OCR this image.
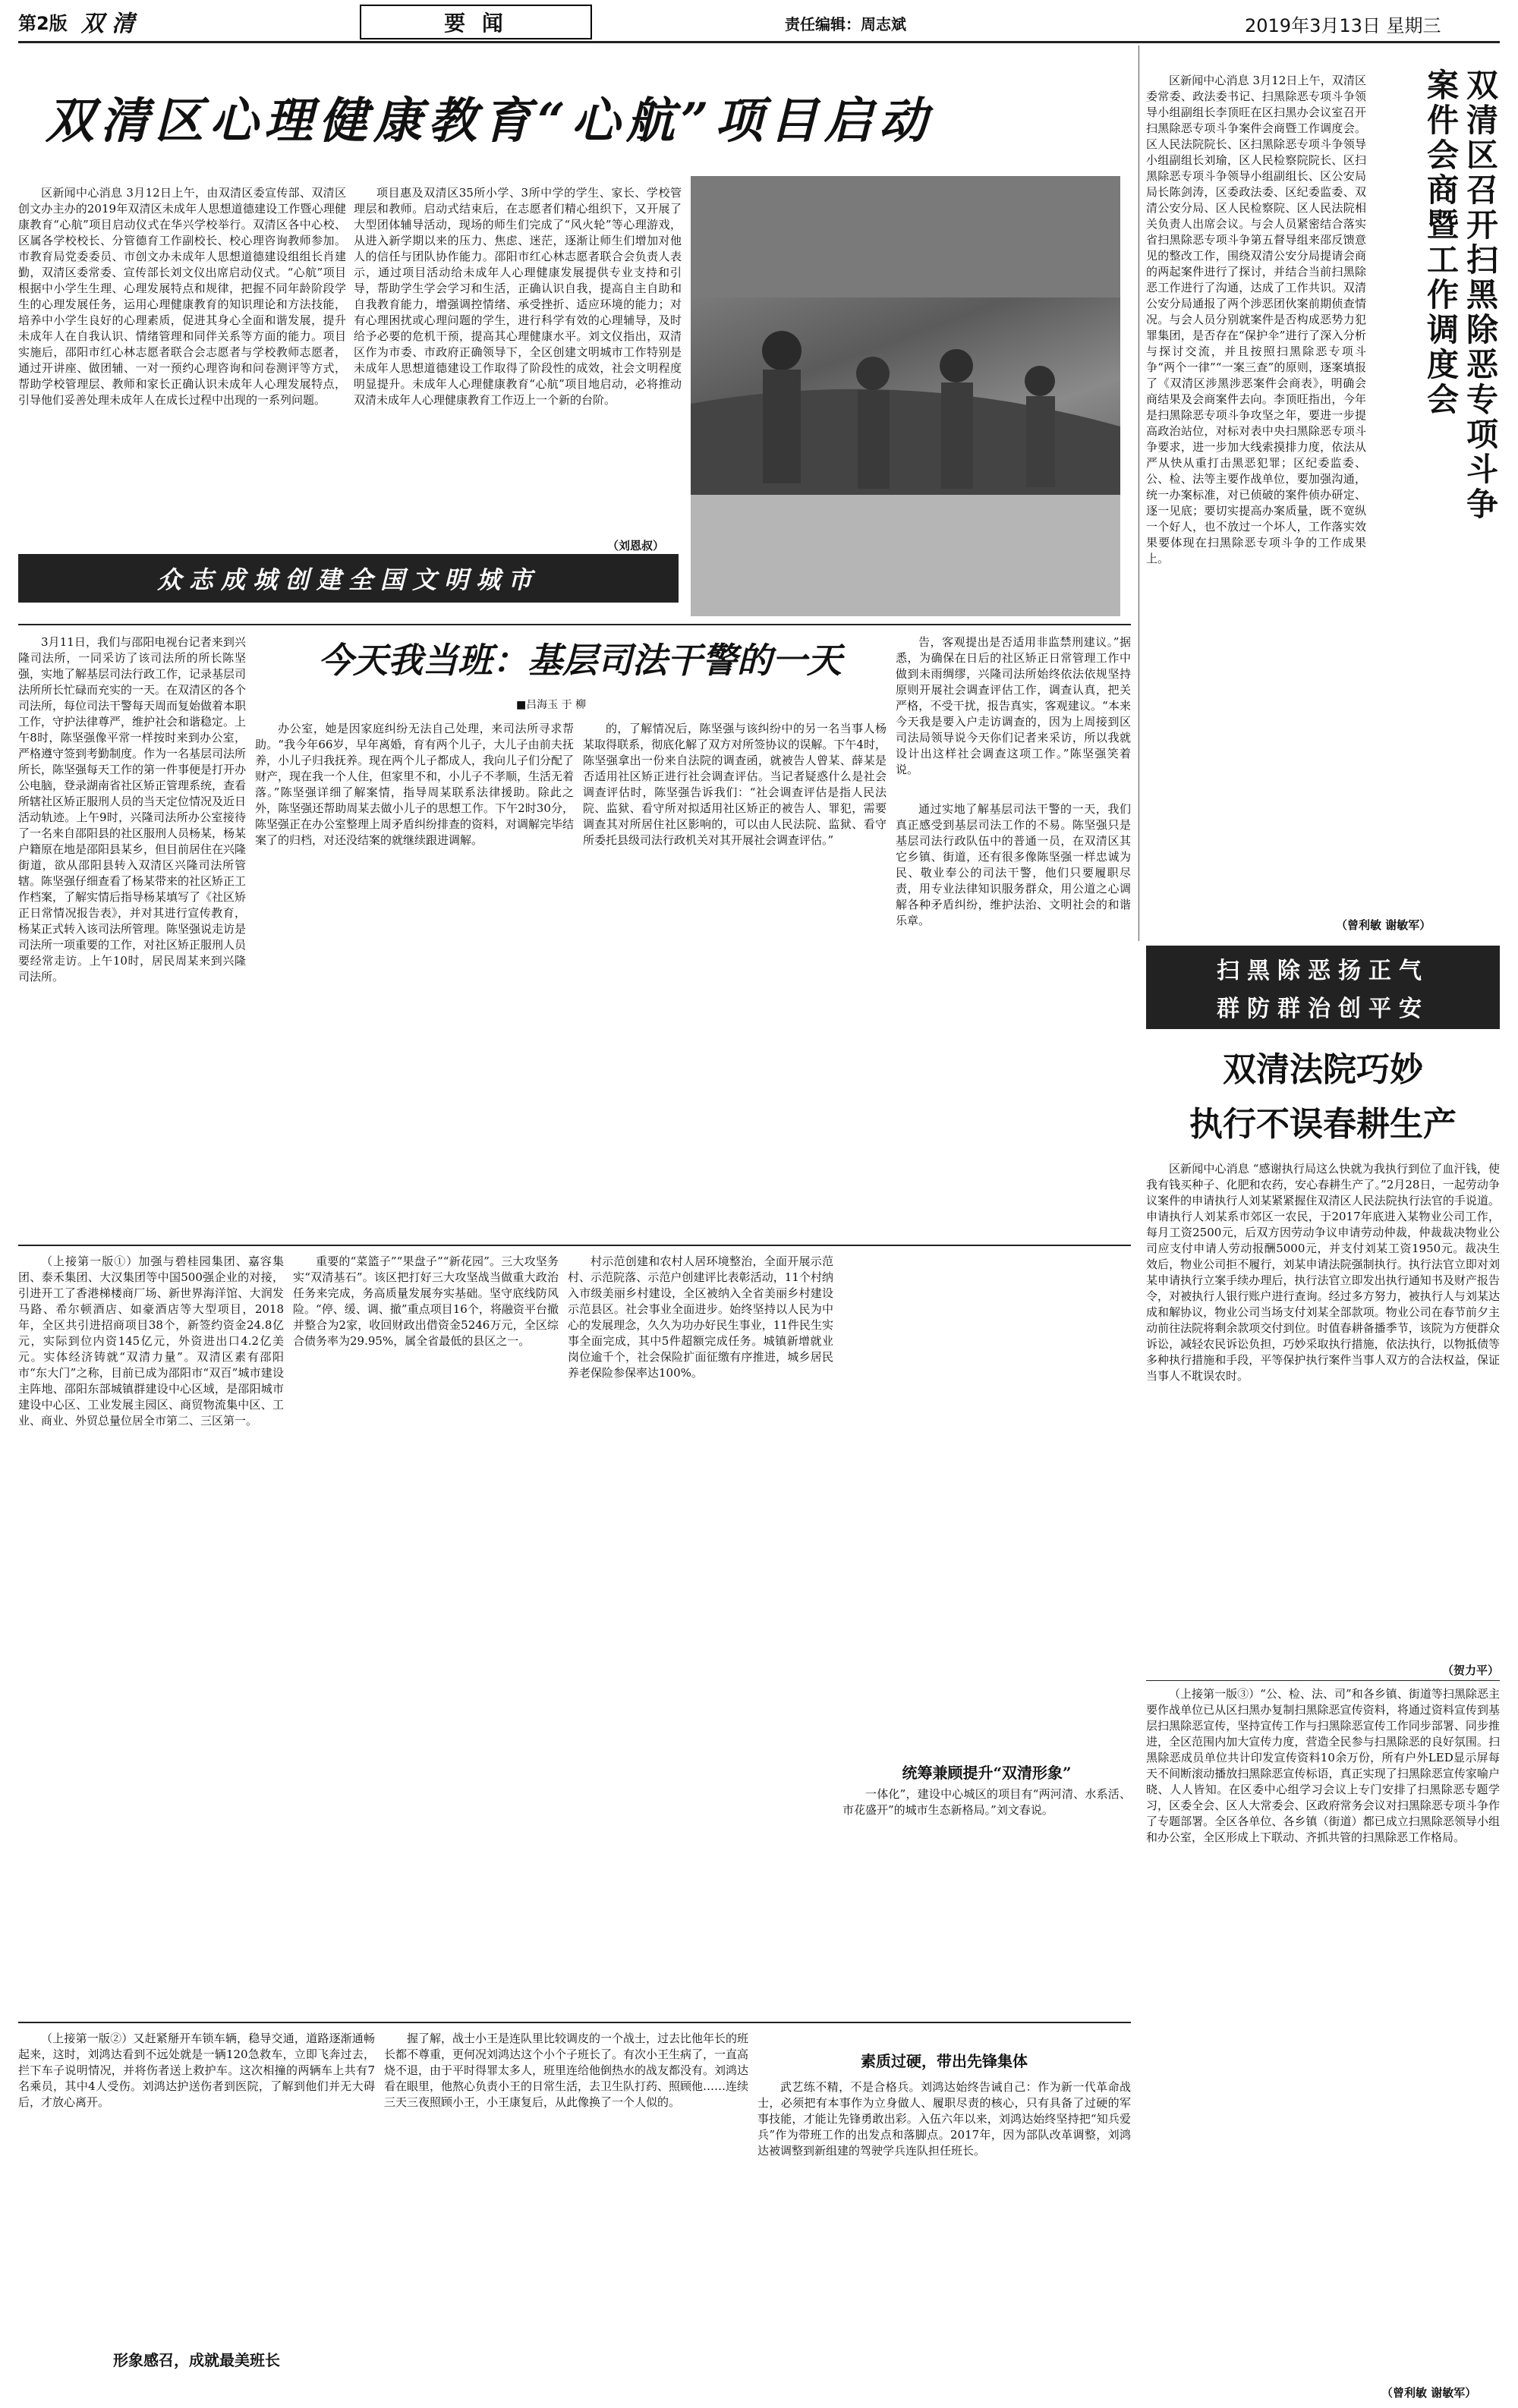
第2版 双 清	要 闻	责任编辑：周志斌	2019年3月13日 星期三
双清区心理健康教育“心航”项目启动

区新闻中心消息 3月12日上午，由双清区委宣传部、双清区创文办主办的2019年双清区未成年人思想道德建设工作暨心理健康教育“心航”项目启动仪式在华兴学校举行。双清区各中心校、区属各学校校长、分管德育工作副校长、校心理咨询教师参加。市教育局党委委员、市创文办未成年人思想道德建设组组长肖建勤，双清区委常委、宣传部长刘文仪出席启动仪式。“心航”项目根据中小学生生理、心理发展特点和规律，把握不同年龄阶段学生的心理发展任务，运用心理健康教育的知识理论和方法技能，培养中小学生良好的心理素质，促进其身心全面和谐发展，提升未成年人在自我认识、情绪管理和同伴关系等方面的能力。项目实施后，邵阳市红心林志愿者联合会志愿者与学校教师志愿者，通过开讲座、做团辅、一对一预约心理咨询和问卷测评等方式，帮助学校管理层、教师和家长正确认识未成年人心理发展特点，引导他们妥善处理未成年人在成长过程中出现的一系列问题。

项目惠及双清区35所小学、3所中学的学生、家长、学校管理层和教师。启动式结束后，在志愿者们精心组织下，又开展了大型团体辅导活动，现场的师生们完成了“风火轮”等心理游戏，从进入新学期以来的压力、焦虑、迷茫，逐渐让师生们增加对他人的信任与团队协作能力。邵阳市红心林志愿者联合会负责人表示，通过项目活动给未成年人心理健康发展提供专业支持和引导，帮助学生学会学习和生活，正确认识自我，提高自主自助和自我教育能力，增强调控情绪、承受挫折、适应环境的能力；对有心理困扰或心理问题的学生，进行科学有效的心理辅导，及时给予必要的危机干预，提高其心理健康水平。刘文仪指出，双清区作为市委、市政府正确领导下，全区创建文明城市工作特别是未成年人思想道德建设工作取得了阶段性的成效，社会文明程度明显提升。未成年人心理健康教育“心航”项目地启动，必将推动双清未成年人心理健康教育工作迈上一个新的台阶。

（刘恩叔）
众志成城创建全国文明城市

区新闻中心消息 3月12日上午，双清区委常委、政法委书记、扫黑除恶专项斗争领导小组副组长李顶旺在区扫黑办会议室召开扫黑除恶专项斗争案件会商暨工作调度会。区人民法院院长、区扫黑除恶专项斗争领导小组副组长刘瑜，区人民检察院院长、区扫黑除恶专项斗争领导小组副组长、区公安局局长陈剑涛，区委政法委、区纪委监委、双清公安分局、区人民检察院、区人民法院相关负责人出席会议。与会人员紧密结合落实省扫黑除恶专项斗争第五督导组来邵反馈意见的整改工作，围绕双清公安分局提请会商的两起案件进行了探讨，并结合当前扫黑除恶工作进行了沟通，达成了工作共识。双清公安分局通报了两个涉恶团伙案前期侦查情况。与会人员分别就案件是否构成恶势力犯罪集团，是否存在“保护伞”进行了深入分析与探讨交流，并且按照扫黑除恶专项斗争“两个一律”“一案三查”的原则，逐案填报了《双清区涉黑涉恶案件会商表》，明确会商结果及会商案件去向。李顶旺指出，今年是扫黑除恶专项斗争攻坚之年，要进一步提高政治站位，对标对表中央扫黑除恶专项斗争要求，进一步加大线索摸排力度，依法从严从快从重打击黑恶犯罪；区纪委监委、公、检、法等主要作战单位，要加强沟通，统一办案标准，对已侦破的案件侦办研定、逐一见底；要切实提高办案质量，既不宽纵一个好人，也不放过一个坏人，工作落实效果要体现在扫黑除恶专项斗争的工作成果上。

双清区召开扫黑除恶专项斗争案件会商暨工作调度会
（曾利敏 谢敏军）
扫黑除恶扬正气
群防群治创平安
今天我当班：基层司法干警的一天
■吕海玉 于 柳

3月11日，我们与邵阳电视台记者来到兴隆司法所，一同采访了该司法所的所长陈坚强，实地了解基层司法行政工作，记录基层司法所所长忙碌而充实的一天。在双清区的各个司法所，每位司法干警每天周而复始做着本职工作，守护法律尊严，维护社会和谐稳定。上午8时，陈坚强像平常一样按时来到办公室，严格遵守签到考勤制度。作为一名基层司法所所长，陈坚强每天工作的第一件事便是打开办公电脑，登录湖南省社区矫正管理系统，查看所辖社区矫正服刑人员的当天定位情况及近日活动轨迹。上午9时，兴隆司法所办公室接待了一名来自邵阳县的社区服刑人员杨某，杨某户籍原在地是邵阳县某乡，但目前居住在兴隆街道，欲从邵阳县转入双清区兴隆司法所管辖。陈坚强仔细查看了杨某带来的社区矫正工作档案，了解实情后指导杨某填写了《社区矫正日常情况报告表》，并对其进行宣传教育，杨某正式转入该司法所管理。陈坚强说走访是司法所一项重要的工作，对社区矫正服刑人员要经常走访。上午10时，居民周某来到兴隆司法所。

办公室，她是因家庭纠纷无法自己处理，来司法所寻求帮助。“我今年66岁，早年离婚，育有两个儿子，大儿子由前夫抚养，小儿子归我抚养。现在两个儿子都成人，我向儿子们分配了财产，现在我一个人住，但家里不和，小儿子不孝顺，生活无着落。”陈坚强详细了解案情，指导周某联系法律援助。除此之外，陈坚强还帮助周某去做小儿子的思想工作。下午2时30分，陈坚强正在办公室整理上周矛盾纠纷排查的资料，对调解完毕结案了的归档，对还没结案的就继续跟进调解。

的，了解情况后，陈坚强与该纠纷中的另一名当事人杨某取得联系，彻底化解了双方对所签协议的误解。下午4时，陈坚强拿出一份来自法院的调查函，就被告人曾某、薛某是否适用社区矫正进行社会调查评估。当记者疑惑什么是社会调查评估时，陈坚强告诉我们：“社会调查评估是指人民法院、监狱、看守所对拟适用社区矫正的被告人、罪犯，需要调查其对所居住社区影响的，可以由人民法院、监狱、看守所委托县级司法行政机关对其开展社会调查评估。”

告，客观提出是否适用非监禁刑建议。”据悉，为确保在日后的社区矫正日常管理工作中做到未雨绸缪，兴隆司法所始终依法依规坚持原则开展社会调查评估工作，调查认真，把关严格，不受干扰，报告真实，客观建议。“本来今天我是要入户走访调查的，因为上周接到区司法局领导说今天你们记者来采访，所以我就设计出这样社会调查这项工作。”陈坚强笑着说。

通过实地了解基层司法干警的一天，我们真正感受到基层司法工作的不易。陈坚强只是基层司法行政队伍中的普通一员，在双清区其它乡镇、街道，还有很多像陈坚强一样忠诚为民、敬业奉公的司法干警，他们只要履职尽责，用专业法律知识服务群众，用公道之心调解各种矛盾纠纷，维护法治、文明社会的和谐乐章。

双清法院巧妙
执行不误春耕生产

区新闻中心消息 “感谢执行局这么快就为我执行到位了血汗钱，使我有钱买种子、化肥和农药，安心春耕生产了。”2月28日，一起劳动争议案件的申请执行人刘某紧紧握住双清区人民法院执行法官的手说道。申请执行人刘某系市郊区一农民，于2017年底进入某物业公司工作，每月工资2500元，后双方因劳动争议申请劳动仲裁，仲裁裁决物业公司应支付申请人劳动报酬5000元，并支付刘某工资1950元。裁决生效后，物业公司拒不履行，刘某申请法院强制执行。执行法官立即对刘某申请执行立案手续办理后，执行法官立即发出执行通知书及财产报告令，对被执行人银行账户进行查询。经过多方努力，被执行人与刘某达成和解协议，物业公司当场支付刘某全部款项。物业公司在春节前夕主动前往法院将剩余款项交付到位。时值春耕备播季节，该院为方便群众诉讼，减轻农民诉讼负担，巧妙采取执行措施，依法执行，以物抵债等多种执行措施和手段，平等保护执行案件当事人双方的合法权益，保证当事人不耽误农时。

（贺力平）

（上接第一版①）加强与碧桂园集团、嘉容集团、泰禾集团、大汉集团等中国500强企业的对接，引进开工了香港梯楼商厂场、新世界海洋馆、大润发马路、希尔顿酒店、如豪酒店等大型项目，2018年，全区共引进招商项目38个，新签约资金24.8亿元，实际到位内资145亿元，外资进出口4.2亿美元。实体经济铸就“双清力量”。双清区素有邵阳市“东大门”之称，目前已成为邵阳市“双百”城市建设主阵地、邵阳东部城镇群建设中心区域，是邵阳城市建设中心区、工业发展主园区、商贸物流集中区、工业、商业、外贸总量位居全市第二、三区第一。

重要的“菜篮子”“果盘子”“新花园”。三大攻坚务实“双清基石”。该区把打好三大攻坚战当做重大政治任务来完成，务高质量发展夯实基础。坚守底线防风险。“停、缓、调、撤”重点项目16个，将融资平台撤并整合为2家，收回财政出借资金5246万元，全区综合债务率为29.95%，属全省最低的县区之一。

村示范创建和农村人居环境整治，全面开展示范村、示范院落、示范户创建评比表彰活动，11个村纳入市级美丽乡村建设，全区被纳入全省美丽乡村建设示范县区。社会事业全面进步。始终坚持以人民为中心的发展理念，久久为功办好民生事业，11件民生实事全面完成，其中5件超额完成任务。城镇新增就业岗位逾千个，社会保险扩面征缴有序推进，城乡居民养老保险参保率达100%。

统筹兼顾提升“双清形象”

一体化”，建设中心城区的项目有“两河清、水系活、市花盛开”的城市生态新格局。”刘文春说。

（上接第一版②）又赶紧掰开车锁车辆，稳导交通，道路逐渐通畅起来，这时，刘鸿达看到不远处就是一辆120急救车，立即飞奔过去，拦下车子说明情况，并将伤者送上救护车。这次相撞的两辆车上共有7名乘员，其中4人受伤。刘鸿达护送伤者到医院，了解到他们并无大碍后，才放心离开。

形象感召，成就最美班长

握了解，战士小王是连队里比较调皮的一个战士，过去比他年长的班长都不尊重，更何况刘鸿达这个小个子班长了。有次小王生病了，一直高烧不退，由于平时得罪太多人，班里连给他倒热水的战友都没有。刘鸿达看在眼里，他熬心负责小王的日常生活，去卫生队打药、照顾他……连续三天三夜照顾小王，小王康复后，从此像换了一个人似的。

素质过硬，带出先锋集体

武艺练不精，不是合格兵。刘鸿达始终告诫自己：作为新一代革命战士，必须把有本事作为立身做人、履职尽责的核心，只有具备了过硬的军事技能，才能让先锋勇敢出彩。入伍六年以来，刘鸿达始终坚持把“知兵爱兵”作为带班工作的出发点和落脚点。2017年，因为部队改革调整，刘鸿达被调整到新组建的驾驶学兵连队担任班长。

（上接第一版③）“公、检、法、司”和各乡镇、街道等扫黑除恶主要作战单位已从区扫黑办复制扫黑除恶宣传资料，将通过资料宣传到基层扫黑除恶宣传，坚持宣传工作与扫黑除恶宣传工作同步部署、同步推进，全区范围内加大宣传力度，营造全民参与扫黑除恶的良好氛围。扫黑除恶成员单位共计印发宣传资料10余万份，所有户外LED显示屏每天不间断滚动播放扫黑除恶宣传标语，真正实现了扫黑除恶宣传家喻户晓、人人皆知。在区委中心组学习会议上专门安排了扫黑除恶专题学习，区委全会、区人大常委会、区政府常务会议对扫黑除恶专项斗争作了专题部署。全区各单位、各乡镇（街道）都已成立扫黑除恶领导小组和办公室，全区形成上下联动、齐抓共管的扫黑除恶工作格局。

（曾利敏 谢敏军）
